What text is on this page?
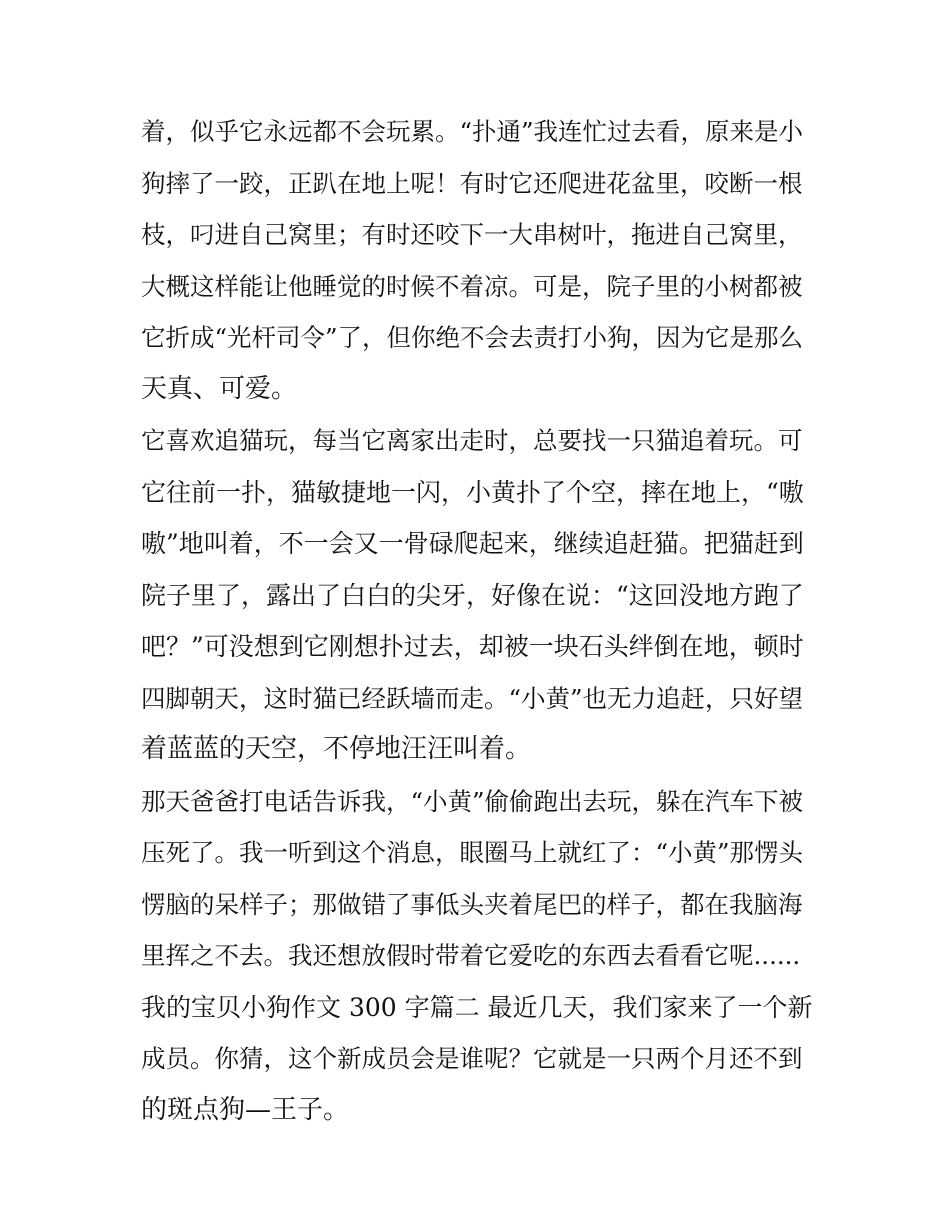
着，似乎它永远都不会玩累。“扑通”我连忙过去看，原来是小
狗摔了一跤，正趴在地上呢！有时它还爬进花盆里，咬断一根
枝，叼进自己窝里；有时还咬下一大串树叶，拖进自己窝里，
大概这样能让他睡觉的时候不着凉。可是，院子里的小树都被
它折成“光杆司令”了，但你绝不会去责打小狗，因为它是那么
天真、可爱。
它喜欢追猫玩，每当它离家出走时，总要找一只猫追着玩。可
它往前一扑，猫敏捷地一闪，小黄扑了个空，摔在地上，“嗷
嗷”地叫着，不一会又一骨碌爬起来，继续追赶猫。把猫赶到
院子里了，露出了白白的尖牙，好像在说：“这回没地方跑了
吧？”可没想到它刚想扑过去，却被一块石头绊倒在地，顿时
四脚朝天，这时猫已经跃墙而走。“小黄”也无力追赶，只好望
着蓝蓝的天空，不停地汪汪叫着。
那天爸爸打电话告诉我，“小黄”偷偷跑出去玩，躲在汽车下被
压死了。我一听到这个消息，眼圈马上就红了：“小黄”那愣头
愣脑的呆样子；那做错了事低头夹着尾巴的样子，都在我脑海
里挥之不去。我还想放假时带着它爱吃的东西去看看它呢......
我的宝贝小狗作文 300 字篇二 最近几天，我们家来了一个新
成员。你猜，这个新成员会是谁呢？它就是一只两个月还不到
的斑点狗—王子。
